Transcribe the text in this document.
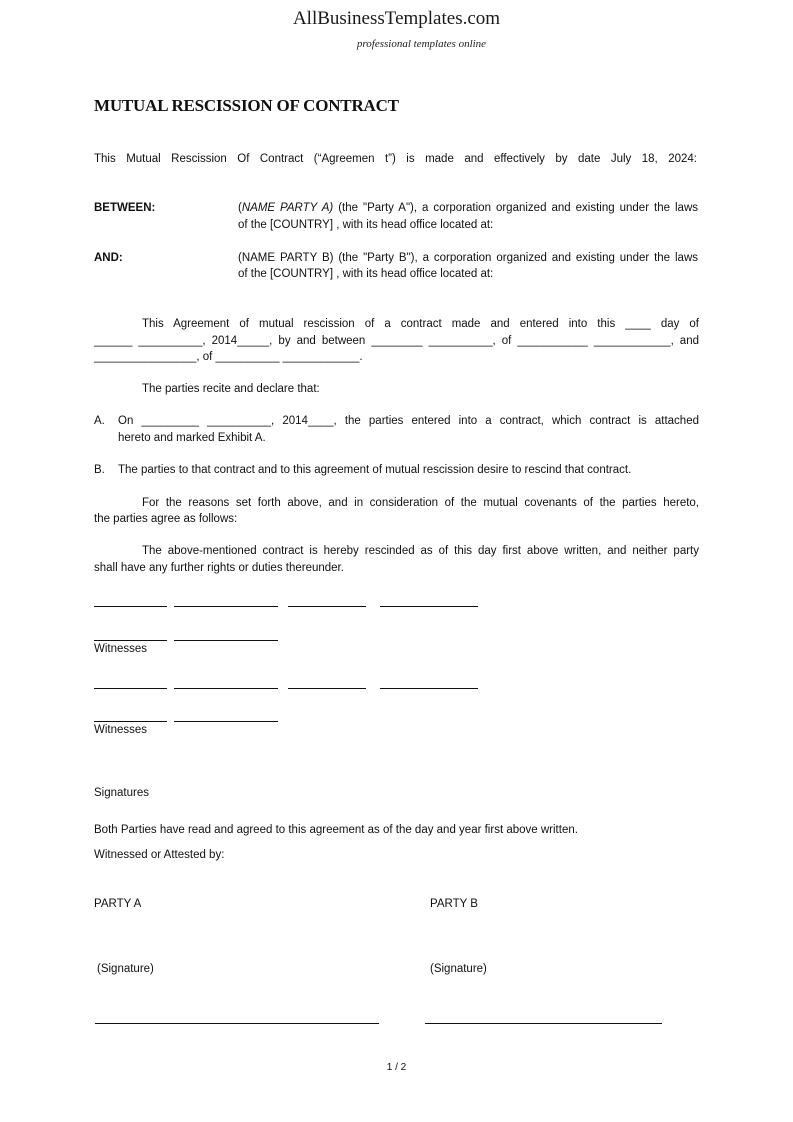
AllBusinessTemplates.com
professional templates online
MUTUAL RESCISSION OF CONTRACT
This Mutual Rescission Of Contract (“Agreemen t”) is made and effectively by date July 18, 2024:
BETWEEN:	(NAME PARTY A) (the "Party A"), a corporation organized and existing under the laws
of the [COUNTRY] , with its head office located at:
AND:	(NAME PARTY B) (the "Party B"), a corporation organized and existing under the laws
of the [COUNTRY] , with its head office located at:
This Agreement of mutual rescission of a contract made and entered into this ____ day of
______ __________, 2014_____, by and between ________ __________, of ___________ ____________, and
________________, of __________ ____________.
The parties recite and declare that:
A. On _________ __________, 2014____, the parties entered into a contract, which contract is attached
hereto and marked Exhibit A.
B. The parties to that contract and to this agreement of mutual rescission desire to rescind that contract.
For the reasons set forth above, and in consideration of the mutual covenants of the parties hereto,
the parties agree as follows:
The above-mentioned contract is hereby rescinded as of this day first above written, and neither party
shall have any further rights or duties thereunder.
Witnesses
Witnesses
Signatures
Both Parties have read and agreed to this agreement as of the day and year first above written.
Witnessed or Attested by:
PARTY A
(Signature)
PARTY B
(Signature)
1 / 2
